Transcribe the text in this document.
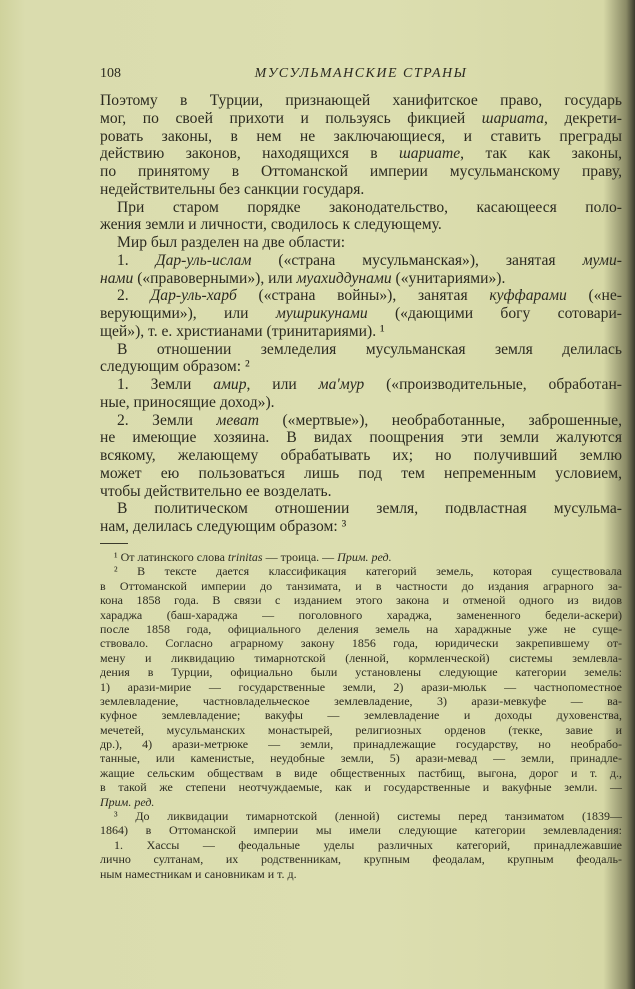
108	МУСУЛЬМАНСКИЕ СТРАНЫ
Поэтому в Турции, признающей ханифитское право, государь
мог, по своей прихоти и пользуясь фикцией шариата, декрети-
ровать законы, в нем не заключающиеся, и ставить преграды
действию законов, находящихся в шариате, так как законы,
по принятому в Оттоманской империи мусульманскому праву,
недействительны без санкции государя.
При старом порядке законодательство, касающееся поло-
жения земли и личности, сводилось к следующему.
Мир был разделен на две области:
1. Дар-уль-ислам («страна мусульманская»), занятая муми-
нами («правоверными»), или муахиддунами («унитариями»).
2. Дар-уль-харб («страна войны»), занятая куффарами («не-
верующими»), или мушрикунами («дающими богу сотовари-
щей»), т. е. христианами (тринитариями). ¹
В отношении земледелия мусульманская земля делилась
следующим образом: ²
1. Земли амир, или ма'мур («производительные, обработан-
ные, приносящие доход»).
2. Земли меват («мертвые»), необработанные, заброшенные,
не имеющие хозяина. В видах поощрения эти земли жалуются
всякому, желающему обрабатывать их; но получивший землю
может ею пользоваться лишь под тем непременным условием,
чтобы действительно ее возделать.
В политическом отношении земля, подвластная мусульма-
нам, делилась следующим образом: ³
¹ От латинского слова trinitas — троица. — Прим. ред.
² В тексте дается классификация категорий земель, которая существовала
в Оттоманской империи до танзимата, и в частности до издания аграрного за-
кона 1858 года. В связи с изданием этого закона и отменой одного из видов
хараджа (баш-хараджа — поголовного хараджа, замененного бедели-аскери)
после 1858 года, официального деления земель на хараджные уже не суще-
ствовало. Согласно аграрному закону 1856 года, юридически закрепившему от-
мену и ликвидацию тимарнотской (ленной, кормленческой) системы землевла-
дения в Турции, официально были установлены следующие категории земель:
1) арази-мирие — государственные земли, 2) арази-мюльк — частнопоместное
землевладение, частновладельческое землевладение, 3) арази-мевкуфе — ва-
куфное землевладение; вакуфы — землевладение и доходы духовенства,
мечетей, мусульманских монастырей, религиозных орденов (текке, завие и
др.), 4) арази-метрюке — земли, принадлежащие государству, но необрабо-
танные, или каменистые, неудобные земли, 5) арази-мевад — земли, принадле-
жащие сельским обществам в виде общественных пастбищ, выгона, дорог и т. д.,
в такой же степени неотчуждаемые, как и государственные и вакуфные земли. —
Прим. ред.
³ До ликвидации тимарнотской (ленной) системы перед танзиматом (1839—
1864) в Оттоманской империи мы имели следующие категории землевладения:
1. Хассы — феодальные уделы различных категорий, принадлежавшие
лично султанам, их родственникам, крупным феодалам, крупным феодаль-
ным наместникам и сановникам и т. д.
